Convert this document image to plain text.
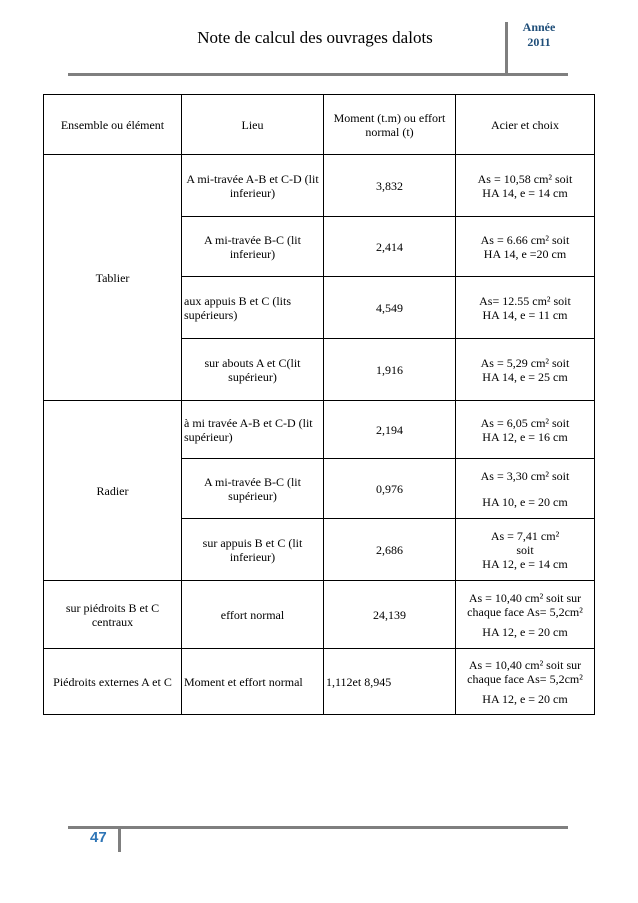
Note de calcul des ouvrages dalots
Année
2011
Ensemble ou élément	Lieu	Moment (t.m) ou effort normal (t)	Acier et choix
Tablier	A mi-travée A-B et C-D (lit inferieur)	3,832	As = 10,58 cm² soit
HA 14, e = 14 cm

	A mi-travée B-C (lit inferieur)	2,414	As = 6.66 cm² soit
HA 14, e =20 cm

	aux appuis B et C (lits supérieurs)	4,549	As= 12.55 cm² soit
HA 14, e = 11 cm

	sur abouts A et C(lit supérieur)	1,916	As = 5,29 cm² soit
HA 14, e = 25 cm

Radier	à mi travée A-B et C-D (lit supérieur)	2,194	As = 6,05 cm² soit
HA 12, e = 16 cm

	A mi-travée B-C (lit supérieur)	0,976	As = 3,30 cm² soit
HA 10, e = 20 cm

	sur appuis B et C (lit inferieur)	2,686	As = 7,41 cm²
soit
HA 12, e = 14 cm

sur piédroits B et C centraux	effort normal	24,139	As = 10,40 cm² soit sur chaque face As= 5,2cm²
HA 12, e = 20 cm

Piédroits externes A et C	Moment et effort normal	1,112et 8,945	As = 10,40 cm² soit sur chaque face As= 5,2cm²
HA 12, e = 20 cm
47
